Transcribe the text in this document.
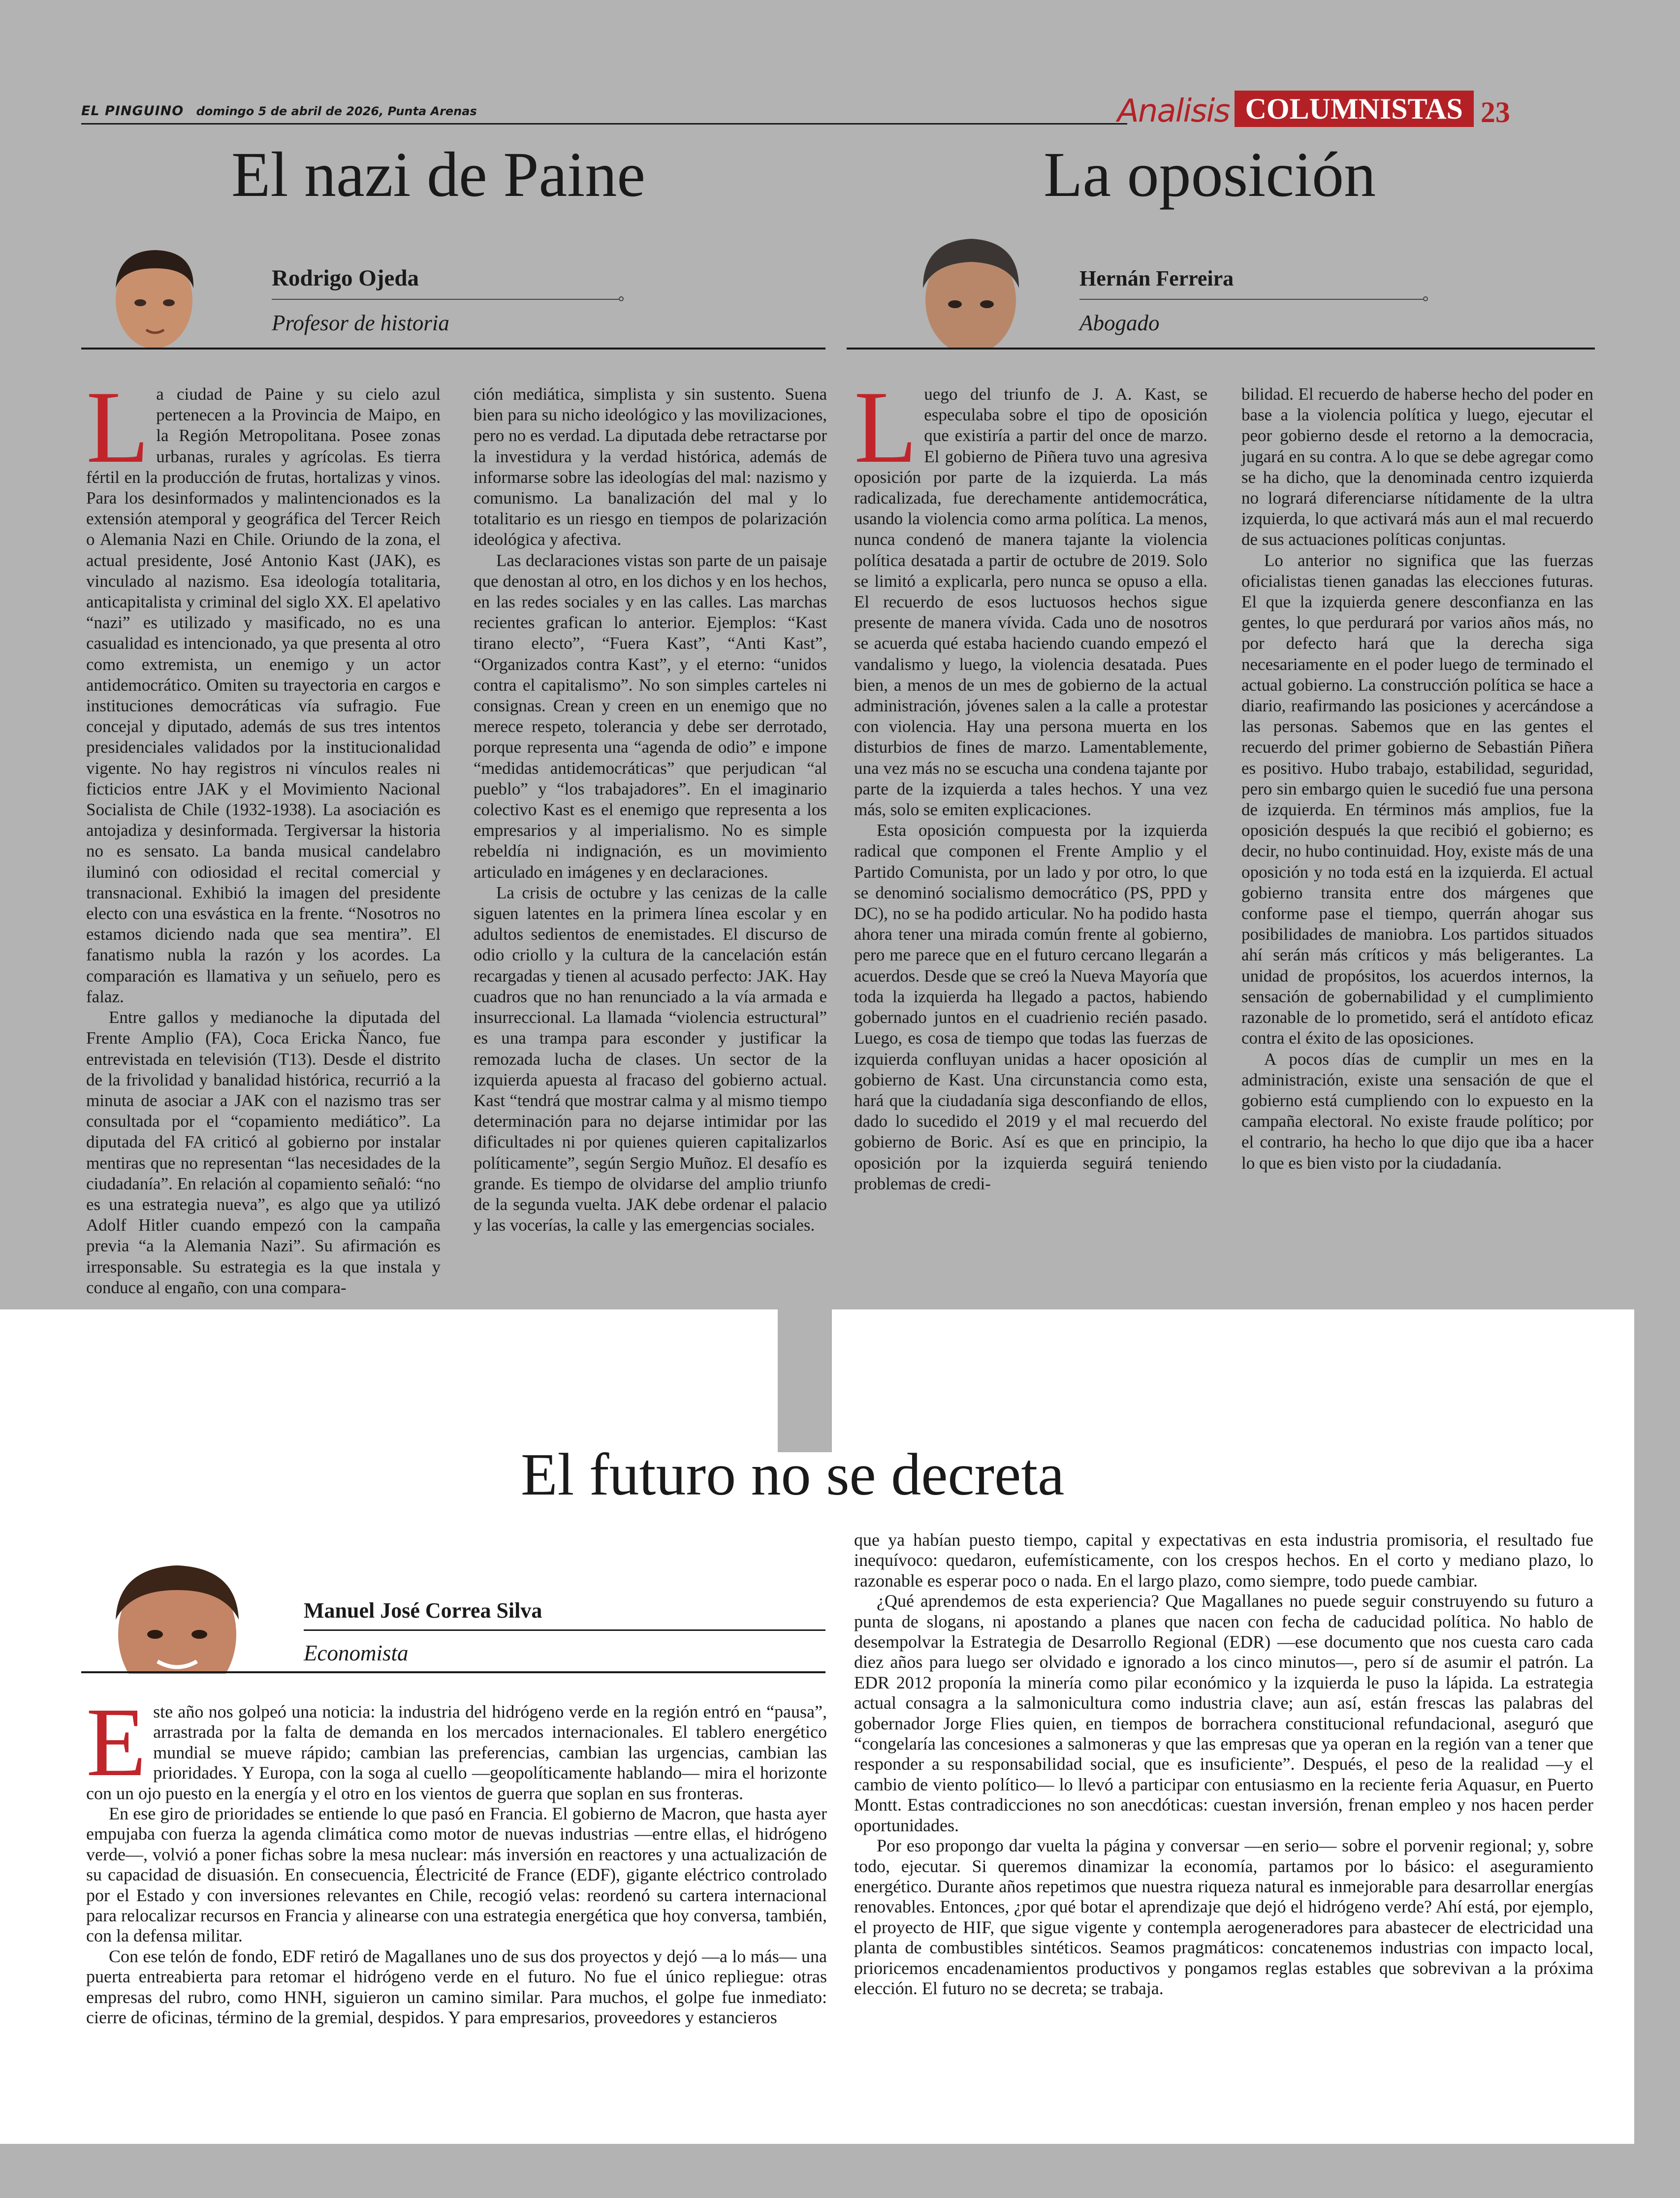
EL PINGUINO domingo 5 de abril de 2026, Punta Arenas	Analisis COLUMNISTAS 23
El nazi de Paine
Rodrigo Ojeda
Profesor de historia
L a ciudad de Paine y su cielo azul pertenecen a la Provincia de Maipo, en la Región Metropolitana. Posee zonas urbanas, rurales y agrícolas. Es tierra fértil en la producción de frutas, hortalizas y vinos. Para los desinformados y malintencionados es la extensión atemporal y geográfica del Tercer Reich o Alemania Nazi en Chile. Oriundo de la zona, el actual presidente, José Antonio Kast (JAK), es vinculado al nazismo. Esa ideología totalitaria, anticapitalista y criminal del siglo XX. El apelativo “nazi” es utilizado y masificado, no es una casualidad es intencionado, ya que presenta al otro como extremista, un enemigo y un actor antidemocrático. Omiten su trayectoria en cargos e instituciones democráticas vía sufragio. Fue concejal y diputado, además de sus tres intentos presidenciales validados por la institucionalidad vigente. No hay registros ni vínculos reales ni ficticios entre JAK y el Movimiento Nacional Socialista de Chile (1932-1938). La asociación es antojadiza y desinformada. Tergiversar la historia no es sensato. La banda musical candelabro iluminó con odiosidad el recital comercial y transnacional. Exhibió la imagen del presidente electo con una esvástica en la frente. “Nosotros no estamos diciendo nada que sea mentira”. El fanatismo nubla la razón y los acordes. La comparación es llamativa y un señuelo, pero es falaz.

Entre gallos y medianoche la diputada del Frente Amplio (FA), Coca Ericka Ñanco, fue entrevistada en televisión (T13). Desde el distrito de la frivolidad y banalidad histórica, recurrió a la minuta de asociar a JAK con el nazismo tras ser consultada por el “copamiento mediático”. La diputada del FA criticó al gobierno por instalar mentiras que no representan “las necesidades de la ciudadanía”. En relación al copamiento señaló: “no es una estrategia nueva”, es algo que ya utilizó Adolf Hitler cuando empezó con la campaña previa “a la Alemania Nazi”. Su afirmación es irresponsable. Su estrategia es la que instala y conduce al engaño, con una compara-

ción mediática, simplista y sin sustento. Suena bien para su nicho ideológico y las movilizaciones, pero no es verdad. La diputada debe retractarse por la investidura y la verdad histórica, además de informarse sobre las ideologías del mal: nazismo y comunismo. La banalización del mal y lo totalitario es un riesgo en tiempos de polarización ideológica y afectiva.

Las declaraciones vistas son parte de un paisaje que denostan al otro, en los dichos y en los hechos, en las redes sociales y en las calles. Las marchas recientes grafican lo anterior. Ejemplos: “Kast tirano electo”, “Fuera Kast”, “Anti Kast”, “Organizados contra Kast”, y el eterno: “unidos contra el capitalismo”. No son simples carteles ni consignas. Crean y creen en un enemigo que no merece respeto, tolerancia y debe ser derrotado, porque representa una “agenda de odio” e impone “medidas antidemocráticas” que perjudican “al pueblo” y “los trabajadores”. En el imaginario colectivo Kast es el enemigo que representa a los empresarios y al imperialismo. No es simple rebeldía ni indignación, es un movimiento articulado en imágenes y en declaraciones.

La crisis de octubre y las cenizas de la calle siguen latentes en la primera línea escolar y en adultos sedientos de enemistades. El discurso de odio criollo y la cultura de la cancelación están recargadas y tienen al acusado perfecto: JAK. Hay cuadros que no han renunciado a la vía armada e insurreccional. La llamada “violencia estructural” es una trampa para esconder y justificar la remozada lucha de clases. Un sector de la izquierda apuesta al fracaso del gobierno actual. Kast “tendrá que mostrar calma y al mismo tiempo determinación para no dejarse intimidar por las dificultades ni por quienes quieren capitalizarlos políticamente”, según Sergio Muñoz. El desafío es grande. Es tiempo de olvidarse del amplio triunfo de la segunda vuelta. JAK debe ordenar el palacio y las vocerías, la calle y las emergencias sociales.

La oposición
Hernán Ferreira
Abogado
L uego del triunfo de J. A. Kast, se especulaba sobre el tipo de oposición que existiría a partir del once de marzo. El gobierno de Piñera tuvo una agresiva oposición por parte de la izquierda. La más radicalizada, fue derechamente antidemocrática, usando la violencia como arma política. La menos, nunca condenó de manera tajante la violencia política desatada a partir de octubre de 2019. Solo se limitó a explicarla, pero nunca se opuso a ella. El recuerdo de esos luctuosos hechos sigue presente de manera vívida. Cada uno de nosotros se acuerda qué estaba haciendo cuando empezó el vandalismo y luego, la violencia desatada. Pues bien, a menos de un mes de gobierno de la actual administración, jóvenes salen a la calle a protestar con violencia. Hay una persona muerta en los disturbios de fines de marzo. Lamentablemente, una vez más no se escucha una condena tajante por parte de la izquierda a tales hechos. Y una vez más, solo se emiten explicaciones.

Esta oposición compuesta por la izquierda radical que componen el Frente Amplio y el Partido Comunista, por un lado y por otro, lo que se denominó socialismo democrático (PS, PPD y DC), no se ha podido articular. No ha podido hasta ahora tener una mirada común frente al gobierno, pero me parece que en el futuro cercano llegarán a acuerdos. Desde que se creó la Nueva Mayoría que toda la izquierda ha llegado a pactos, habiendo gobernado juntos en el cuadrienio recién pasado. Luego, es cosa de tiempo que todas las fuerzas de izquierda confluyan unidas a hacer oposición al gobierno de Kast. Una circunstancia como esta, hará que la ciudadanía siga desconfiando de ellos, dado lo sucedido el 2019 y el mal recuerdo del gobierno de Boric. Así es que en principio, la oposición por la izquierda seguirá teniendo problemas de credi-

bilidad. El recuerdo de haberse hecho del poder en base a la violencia política y luego, ejecutar el peor gobierno desde el retorno a la democracia, jugará en su contra. A lo que se debe agregar como se ha dicho, que la denominada centro izquierda no logrará diferenciarse nítidamente de la ultra izquierda, lo que activará más aun el mal recuerdo de sus actuaciones políticas conjuntas.

Lo anterior no significa que las fuerzas oficialistas tienen ganadas las elecciones futuras. El que la izquierda genere desconfianza en las gentes, lo que perdurará por varios años más, no por defecto hará que la derecha siga necesariamente en el poder luego de terminado el actual gobierno. La construcción política se hace a diario, reafirmando las posiciones y acercándose a las personas. Sabemos que en las gentes el recuerdo del primer gobierno de Sebastián Piñera es positivo. Hubo trabajo, estabilidad, seguridad, pero sin embargo quien le sucedió fue una persona de izquierda. En términos más amplios, fue la oposición después la que recibió el gobierno; es decir, no hubo continuidad. Hoy, existe más de una oposición y no toda está en la izquierda. El actual gobierno transita entre dos márgenes que conforme pase el tiempo, querrán ahogar sus posibilidades de maniobra. Los partidos situados ahí serán más críticos y más beligerantes. La unidad de propósitos, los acuerdos internos, la sensación de gobernabilidad y el cumplimiento razonable de lo prometido, será el antídoto eficaz contra el éxito de las oposiciones.

A pocos días de cumplir un mes en la administración, existe una sensación de que el gobierno está cumpliendo con lo expuesto en la campaña electoral. No existe fraude político; por el contrario, ha hecho lo que dijo que iba a hacer lo que es bien visto por la ciudadanía.

El futuro no se decreta
Manuel José Correa Silva
Economista
E ste año nos golpeó una noticia: la industria del hidrógeno verde en la región entró en “pausa”, arrastrada por la falta de demanda en los mercados internacionales. El tablero energético mundial se mueve rápido; cambian las preferencias, cambian las urgencias, cambian las prioridades. Y Europa, con la soga al cuello —geopolíticamente hablando— mira el horizonte con un ojo puesto en la energía y el otro en los vientos de guerra que soplan en sus fronteras.

En ese giro de prioridades se entiende lo que pasó en Francia. El gobierno de Macron, que hasta ayer empujaba con fuerza la agenda climática como motor de nuevas industrias —entre ellas, el hidrógeno verde—, volvió a poner fichas sobre la mesa nuclear: más inversión en reactores y una actualización de su capacidad de disuasión. En consecuencia, Électricité de France (EDF), gigante eléctrico controlado por el Estado y con inversiones relevantes en Chile, recogió velas: reordenó su cartera internacional para relocalizar recursos en Francia y alinearse con una estrategia energética que hoy conversa, también, con la defensa militar.

Con ese telón de fondo, EDF retiró de Magallanes uno de sus dos proyectos y dejó —a lo más— una puerta entreabierta para retomar el hidrógeno verde en el futuro. No fue el único repliegue: otras empresas del rubro, como HNH, siguieron un camino similar. Para muchos, el golpe fue inmediato: cierre de oficinas, término de la gremial, despidos. Y para empresarios, proveedores y estancieros

que ya habían puesto tiempo, capital y expectativas en esta industria promisoria, el resultado fue inequívoco: quedaron, eufemísticamente, con los crespos hechos. En el corto y mediano plazo, lo razonable es esperar poco o nada. En el largo plazo, como siempre, todo puede cambiar.

¿Qué aprendemos de esta experiencia? Que Magallanes no puede seguir construyendo su futuro a punta de slogans, ni apostando a planes que nacen con fecha de caducidad política. No hablo de desempolvar la Estrategia de Desarrollo Regional (EDR) —ese documento que nos cuesta caro cada diez años para luego ser olvidado e ignorado a los cinco minutos—, pero sí de asumir el patrón. La EDR 2012 proponía la minería como pilar económico y la izquierda le puso la lápida. La estrategia actual consagra a la salmonicultura como industria clave; aun así, están frescas las palabras del gobernador Jorge Flies quien, en tiempos de borrachera constitucional refundacional, aseguró que “congelaría las concesiones a salmoneras y que las empresas que ya operan en la región van a tener que responder a su responsabilidad social, que es insuficiente”. Después, el peso de la realidad —y el cambio de viento político— lo llevó a participar con entusiasmo en la reciente feria Aquasur, en Puerto Montt. Estas contradicciones no son anecdóticas: cuestan inversión, frenan empleo y nos hacen perder oportunidades.

Por eso propongo dar vuelta la página y conversar —en serio— sobre el porvenir regional; y, sobre todo, ejecutar. Si queremos dinamizar la economía, partamos por lo básico: el aseguramiento energético. Durante años repetimos que nuestra riqueza natural es inmejorable para desarrollar energías renovables. Entonces, ¿por qué botar el aprendizaje que dejó el hidrógeno verde? Ahí está, por ejemplo, el proyecto de HIF, que sigue vigente y contempla aerogeneradores para abastecer de electricidad una planta de combustibles sintéticos. Seamos pragmáticos: concatenemos industrias con impacto local, prioricemos encadenamientos productivos y pongamos reglas estables que sobrevivan a la próxima elección. El futuro no se decreta; se trabaja.
